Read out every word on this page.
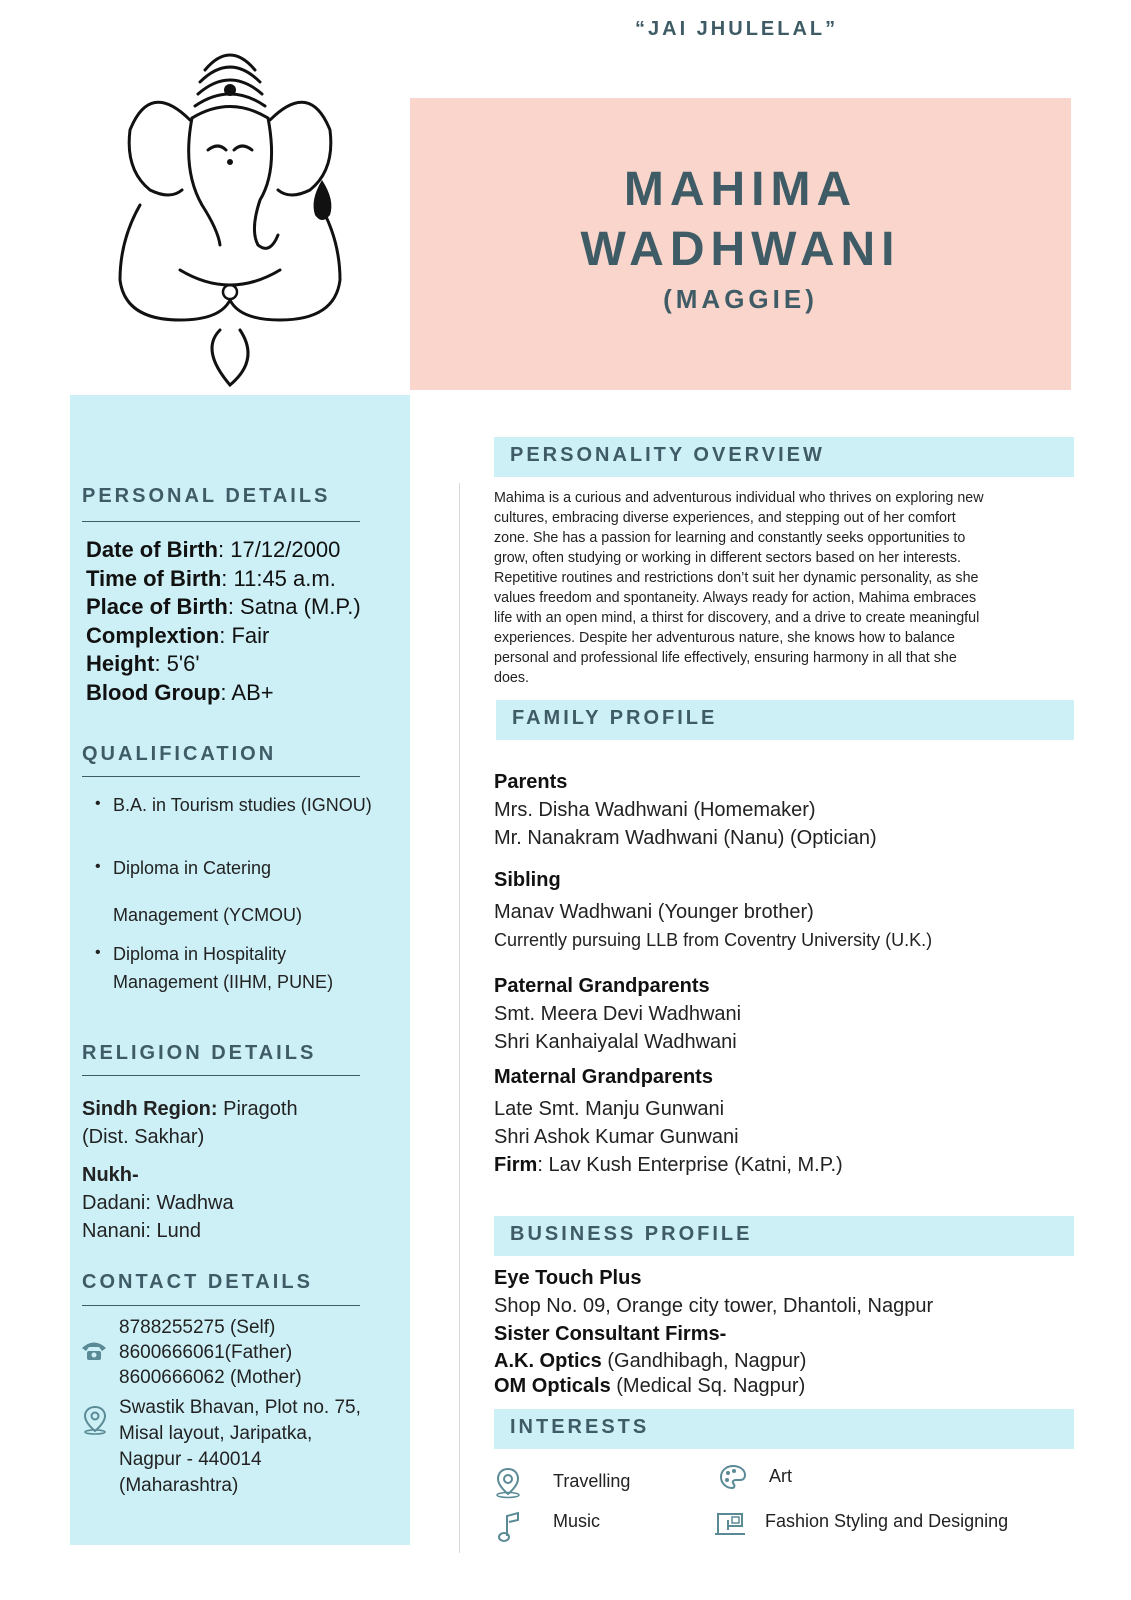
“JAI JHULELAL”
MAHIMA
WADHWANI
(MAGGIE)
PERSONAL DETAILS
Date of Birth: 17/12/2000
Time of Birth: 11:45 a.m.
Place of Birth: Satna (M.P.)
Complextion: Fair
Height: 5'6'
Blood Group: AB+
QUALIFICATION
• B.A. in Tourism studies (IGNOU)
• Diploma in Catering
Management (YCMOU)
• Diploma in Hospitality
Management (IIHM, PUNE)
RELIGION DETAILS
Sindh Region: Piragoth
(Dist. Sakhar)
Nukh-
Dadani: Wadhwa
Nanani: Lund
CONTACT DETAILS
8788255275 (Self)
8600666061(Father)
8600666062 (Mother)
Swastik Bhavan, Plot no. 75,
Misal layout, Jaripatka,
Nagpur - 440014
(Maharashtra)
PERSONALITY OVERVIEW
Mahima is a curious and adventurous individual who thrives on exploring new
cultures, embracing diverse experiences, and stepping out of her comfort
zone. She has a passion for learning and constantly seeks opportunities to
grow, often studying or working in different sectors based on her interests.
Repetitive routines and restrictions don’t suit her dynamic personality, as she
values freedom and spontaneity. Always ready for action, Mahima embraces
life with an open mind, a thirst for discovery, and a drive to create meaningful
experiences. Despite her adventurous nature, she knows how to balance
personal and professional life effectively, ensuring harmony in all that she
does.
FAMILY PROFILE
Parents
Mrs. Disha Wadhwani (Homemaker)
Mr. Nanakram Wadhwani (Nanu) (Optician)
Sibling
Manav Wadhwani (Younger brother)
Currently pursuing LLB from Coventry University (U.K.)
Paternal Grandparents
Smt. Meera Devi Wadhwani
Shri Kanhaiyalal Wadhwani
Maternal Grandparents
Late Smt. Manju Gunwani
Shri Ashok Kumar Gunwani
Firm: Lav Kush Enterprise (Katni, M.P.)
BUSINESS PROFILE
Eye Touch Plus
Shop No. 09, Orange city tower, Dhantoli, Nagpur
Sister Consultant Firms-
A.K. Optics (Gandhibagh, Nagpur)
OM Opticals (Medical Sq. Nagpur)
INTERESTS
Travelling	Art
Music	Fashion Styling and Designing
